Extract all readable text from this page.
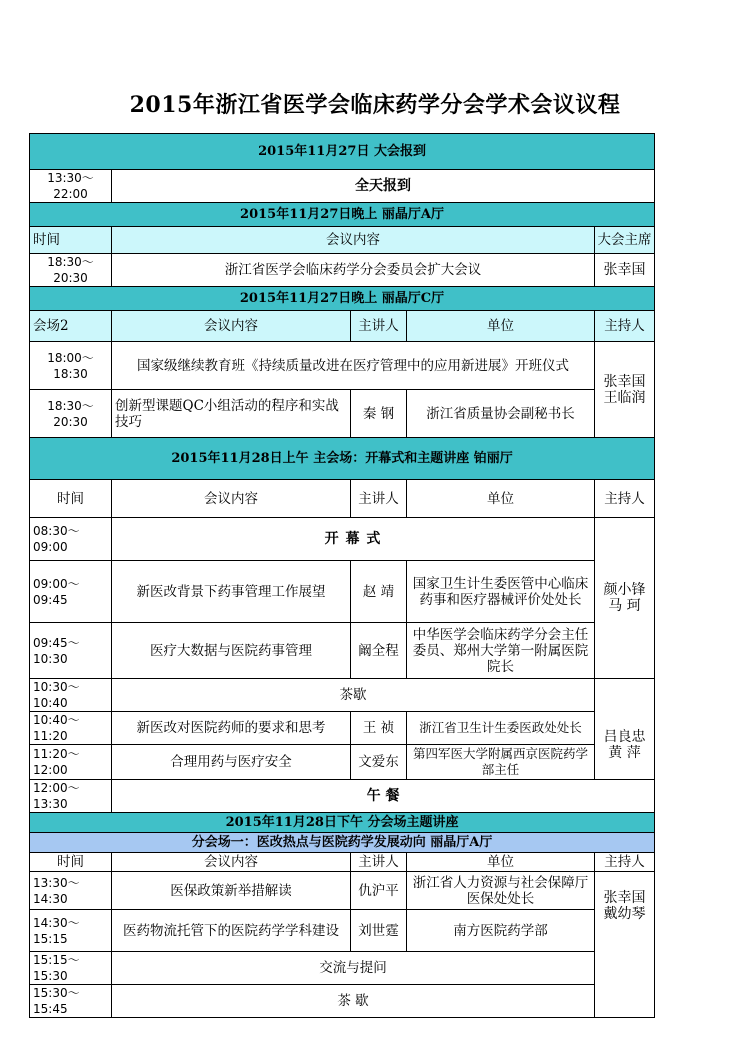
2015年浙江省医学会临床药学分会学术会议议程
2015年11月27日 大会报到				
13:30～22:00	全天报到			
2015年11月27日晚上 丽晶厅A厅				
时间	会议内容			大会主席
18:30～20:30	浙江省医学会临床药学分会委员会扩大会议			张幸国
2015年11月27日晚上 丽晶厅C厅				
会场2	会议内容	主讲人	单位	主持人
18:00～18:30	国家级继续教育班《持续质量改进在医疗管理中的应用新进展》开班仪式			张幸国
王临润
18:30～20:30	创新型课题QC小组活动的程序和实战技巧	秦 钢	浙江省质量协会副秘书长	
2015年11月28日上午 主会场：开幕式和主题讲座 铂丽厅				
时间	会议内容	主讲人	单位	主持人
08:30～09:00	开 幕 式			颜小锋
马 珂
09:00～09:45	新医改背景下药事管理工作展望	赵 靖	国家卫生计生委医管中心临床药事和医疗器械评价处处长	
09:45～10:30	医疗大数据与医院药事管理	阚全程	中华医学会临床药学分会主任委员、郑州大学第一附属医院院长	
10:30～10:40	茶歇			
10:40～11:20	新医改对医院药师的要求和思考	王 祯	浙江省卫生计生委医政处处长	吕良忠
黄 萍
11:20～12:00	合理用药与医疗安全	文爱东	第四军医大学附属西京医院药学部主任	
12:00～13:30	午 餐			
2015年11月28日下午 分会场主题讲座				
分会场一：医改热点与医院药学发展动向 丽晶厅A厅				
时间	会议内容	主讲人	单位	主持人
13:30～14:30	医保政策新举措解读	仇沪平	浙江省人力资源与社会保障厅医保处处长	张幸国
戴幼琴
14:30～15:15	医药物流托管下的医院药学学科建设	刘世霆	南方医院药学部	
15:15～15:30	交流与提问			
15:30～15:45	茶 歇			
